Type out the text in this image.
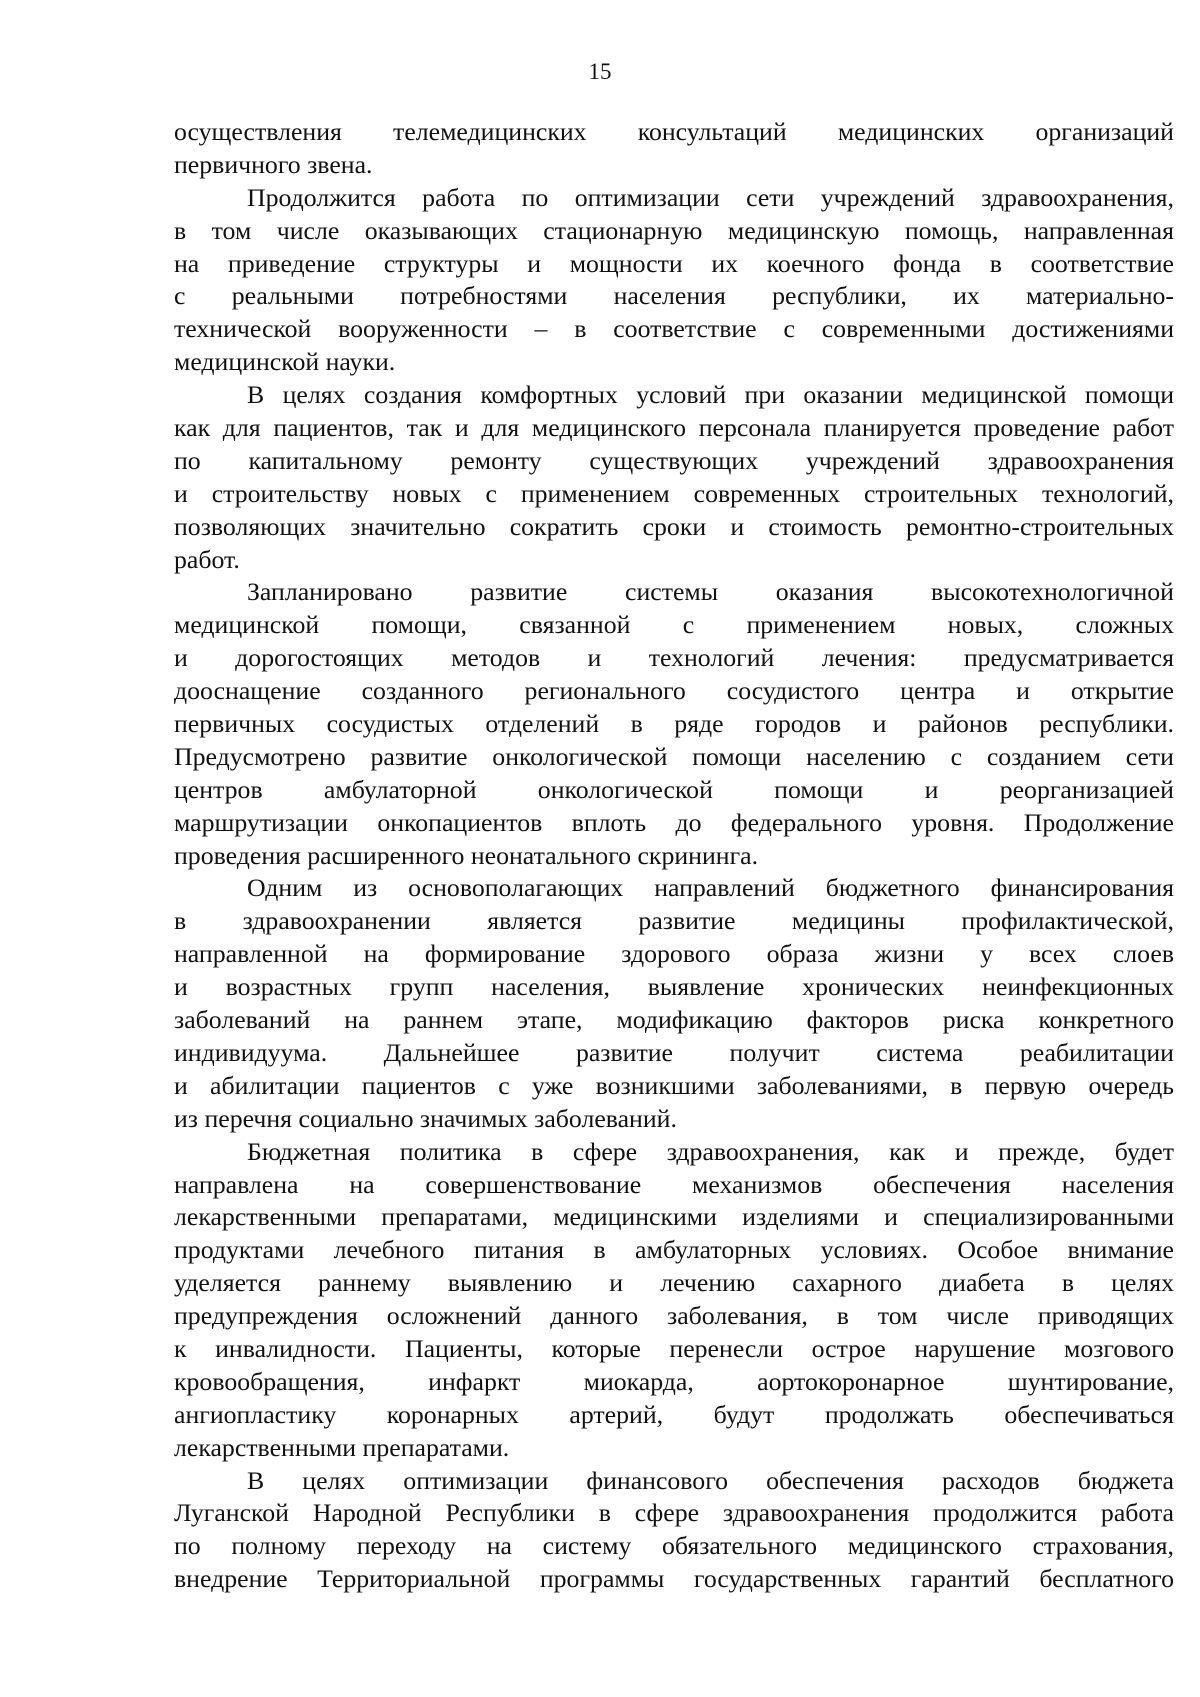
15
осуществления телемедицинских консультаций медицинских организаций
первичного звена.
Продолжится работа по оптимизации сети учреждений здравоохранения,
в том числе оказывающих стационарную медицинскую помощь, направленная
на приведение структуры и мощности их коечного фонда в соответствие
с реальными потребностями населения республики, их материально-
технической вооруженности – в соответствие с современными достижениями
медицинской науки.
В целях создания комфортных условий при оказании медицинской помощи
как для пациентов, так и для медицинского персонала планируется проведение работ
по капитальному ремонту существующих учреждений здравоохранения
и строительству новых с применением современных строительных технологий,
позволяющих значительно сократить сроки и стоимость ремонтно-строительных
работ.
Запланировано развитие системы оказания высокотехнологичной
медицинской помощи, связанной с применением новых, сложных
и дорогостоящих методов и технологий лечения: предусматривается
дооснащение созданного регионального сосудистого центра и открытие
первичных сосудистых отделений в ряде городов и районов республики.
Предусмотрено развитие онкологической помощи населению с созданием сети
центров амбулаторной онкологической помощи и реорганизацией
маршрутизации онкопациентов вплоть до федерального уровня. Продолжение
проведения расширенного неонатального скрининга.
Одним из основополагающих направлений бюджетного финансирования
в здравоохранении является развитие медицины профилактической,
направленной на формирование здорового образа жизни у всех слоев
и возрастных групп населения, выявление хронических неинфекционных
заболеваний на раннем этапе, модификацию факторов риска конкретного
индивидуума. Дальнейшее развитие получит система реабилитации
и абилитации пациентов с уже возникшими заболеваниями, в первую очередь
из перечня социально значимых заболеваний.
Бюджетная политика в сфере здравоохранения, как и прежде, будет
направлена на совершенствование механизмов обеспечения населения
лекарственными препаратами, медицинскими изделиями и специализированными
продуктами лечебного питания в амбулаторных условиях. Особое внимание
уделяется раннему выявлению и лечению сахарного диабета в целях
предупреждения осложнений данного заболевания, в том числе приводящих
к инвалидности. Пациенты, которые перенесли острое нарушение мозгового
кровообращения, инфаркт миокарда, аортокоронарное шунтирование,
ангиопластику коронарных артерий, будут продолжать обеспечиваться
лекарственными препаратами.
В целях оптимизации финансового обеспечения расходов бюджета
Луганской Народной Республики в сфере здравоохранения продолжится работа
по полному переходу на систему обязательного медицинского страхования,
внедрение Территориальной программы государственных гарантий бесплатного
